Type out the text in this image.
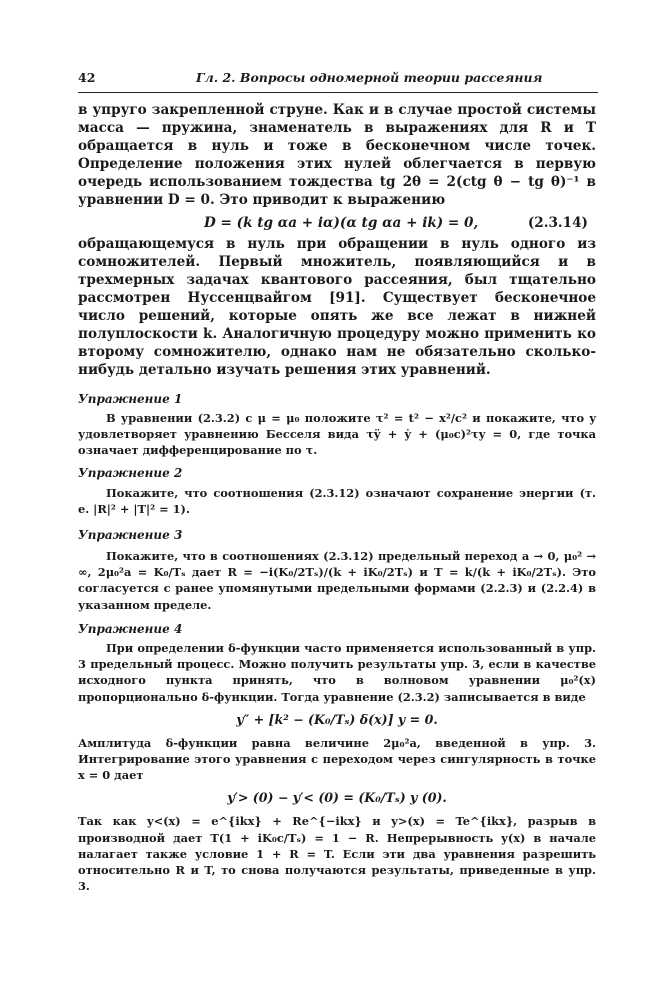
42	Гл. 2. Вопросы одномерной теории рассеяния

в упруго закрепленной струне. Как и в случае простой системы масса — пружина, знаменатель в выражениях для R и T обращается в нуль и тоже в бесконечном числе точек. Определение положения этих нулей облегчается в первую очередь использованием тождества tg 2θ = 2(ctg θ − tg θ)⁻¹ в уравнении D = 0. Это приводит к выражению

D = (k tg αa + iα)(α tg αa + ik) = 0,	(2.3.14)

обращающемуся в нуль при обращении в нуль одного из сомножителей. Первый множитель, появляющийся и в трехмерных задачах квантового рассеяния, был тщательно рассмотрен Нуссенцвайгом [91]. Существует бесконечное число решений, которые опять же все лежат в нижней полуплоскости k. Аналогичную процедуру можно применить ко второму сомножителю, однако нам не обязательно сколько-нибудь детально изучать решения этих уравнений.

Упражнение 1

В уравнении (2.3.2) с μ = μ₀ положите τ² = t² − x²/c² и покажите, что y удовлетворяет уравнению Бесселя вида τÿ + ẏ + (μ₀c)²τy = 0, где точка означает дифференцирование по τ.

Упражнение 2

Покажите, что соотношения (2.3.12) означают сохранение энергии (т. е. |R|² + |T|² = 1).

Упражнение 3

Покажите, что в соотношениях (2.3.12) предельный переход a → 0, μ₀² → ∞, 2μ₀²a = K₀/Tₛ дает R = −i(K₀/2Tₛ)/(k + iK₀/2Tₛ) и T = k/(k + iK₀/2Tₛ). Это согласуется с ранее упомянутыми предельными формами (2.2.3) и (2.2.4) в указанном пределе.

Упражнение 4

При определении δ-функции часто применяется использованный в упр. 3 предельный процесс. Можно получить результаты упр. 3, если в качестве исходного пункта принять, что в волновом уравнении μ₀²(x) пропорционально δ-функции. Тогда уравнение (2.3.2) записывается в виде

y″ + [k² − (K₀/Tₛ) δ(x)] y = 0.

Амплитуда δ-функции равна величине 2μ₀²a, введенной в упр. 3. Интегрирование этого уравнения с переходом через сингулярность в точке x = 0 дает

y′> (0) − y′< (0) = (K₀/Tₛ) y (0).

Так как y<(x) = e^{ikx} + Re^{−ikx} и y>(x) = Te^{ikx}, разрыв в производной дает T(1 + iK₀c/Tₛ) = 1 − R. Непрерывность y(x) в начале налагает также условие 1 + R = T. Если эти два уравнения разрешить относительно R и T, то снова получаются результаты, приведенные в упр. 3.
